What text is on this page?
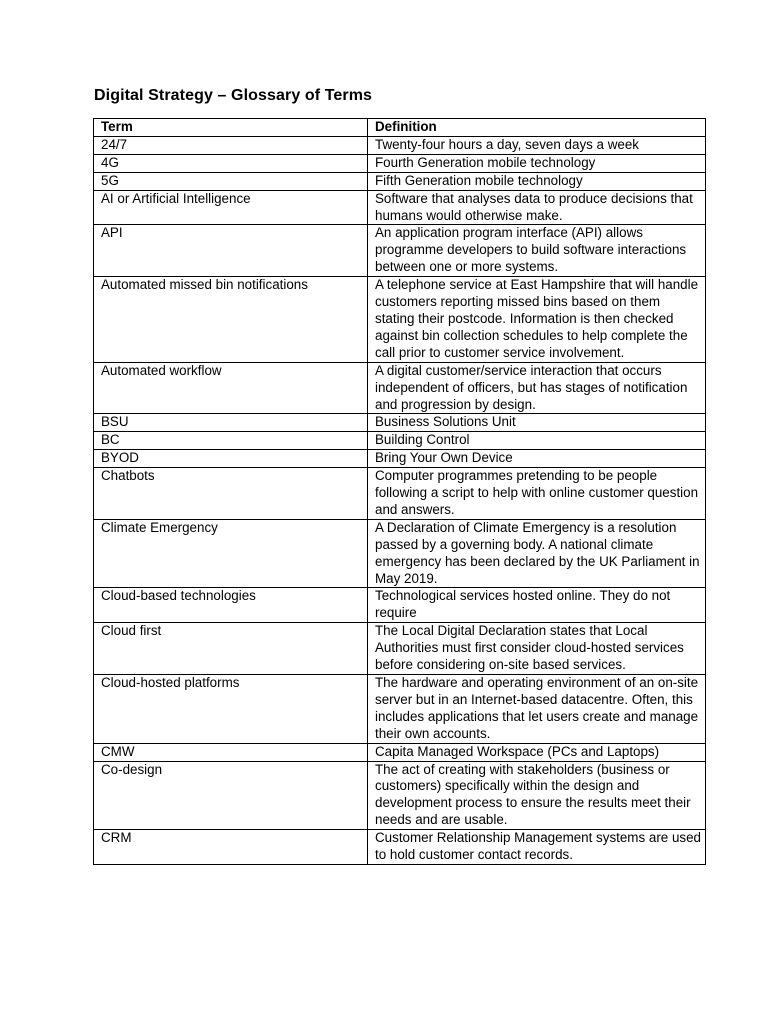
Digital Strategy – Glossary of Terms
Term	Definition
24/7	Twenty-four hours a day, seven days a week
4G	Fourth Generation mobile technology
5G	Fifth Generation mobile technology
AI or Artificial Intelligence	Software that analyses data to produce decisions that humans would otherwise make.
API	An application program interface (API) allows programme developers to build software interactions between one or more systems.
Automated missed bin notifications	A telephone service at East Hampshire that will handle customers reporting missed bins based on them stating their postcode. Information is then checked against bin collection schedules to help complete the call prior to customer service involvement.
Automated workflow	A digital customer/service interaction that occurs independent of officers, but has stages of notification and progression by design.
BSU	Business Solutions Unit
BC	Building Control
BYOD	Bring Your Own Device
Chatbots	Computer programmes pretending to be people following a script to help with online customer question and answers.
Climate Emergency	A Declaration of Climate Emergency is a resolution passed by a governing body. A national climate emergency has been declared by the UK Parliament in May 2019.
Cloud-based technologies	Technological services hosted online. They do not require
Cloud first	The Local Digital Declaration states that Local Authorities must first consider cloud-hosted services before considering on-site based services.
Cloud-hosted platforms	The hardware and operating environment of an on-site server but in an Internet-based datacentre. Often, this includes applications that let users create and manage their own accounts.
CMW	Capita Managed Workspace (PCs and Laptops)
Co-design	The act of creating with stakeholders (business or customers) specifically within the design and development process to ensure the results meet their needs and are usable.
CRM	Customer Relationship Management systems are used to hold customer contact records.
